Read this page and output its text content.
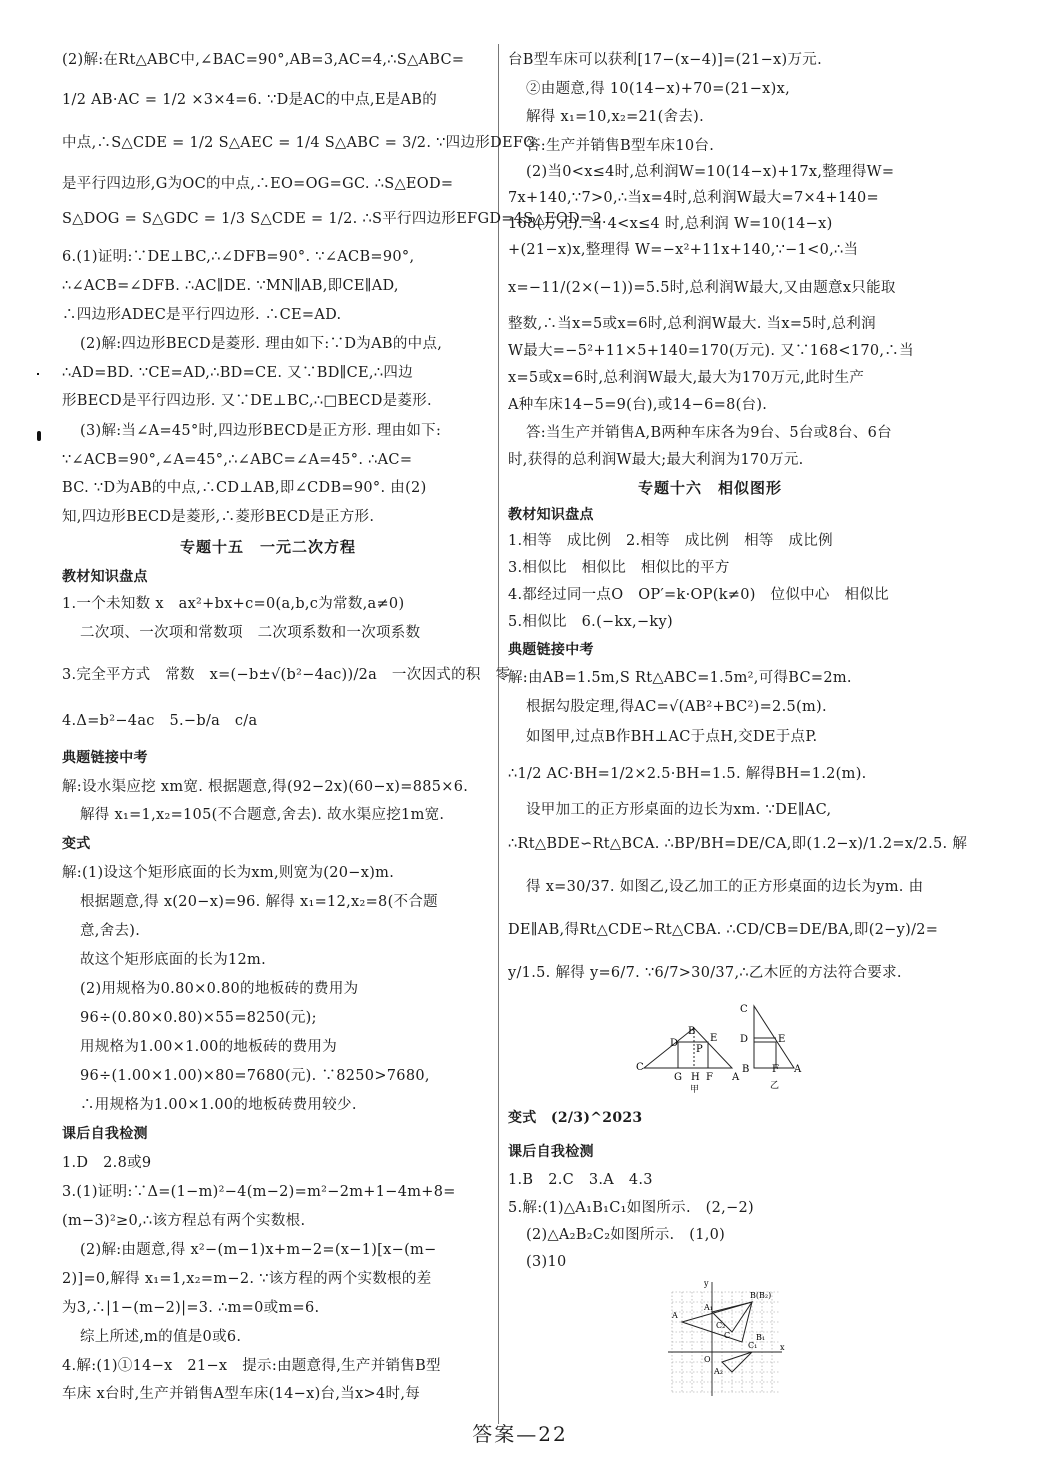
(2)解:在Rt△ABC中,∠BAC=90°,AB=3,AC=4,∴S△ABC=
1/2 AB·AC = 1/2 ×3×4=6. ∵D是AC的中点,E是AB的
中点,∴S△CDE = 1/2 S△AEC = 1/4 S△ABC = 3/2. ∵四边形DEFG
是平行四边形,G为OC的中点,∴EO=OG=GC. ∴S△EOD=
S△DOG = S△GDC = 1/3 S△CDE = 1/2. ∴S平行四边形EFGD=4S△EOD=2.
6.(1)证明:∵DE⊥BC,∴∠DFB=90°. ∵∠ACB=90°,
∴∠ACB=∠DFB. ∴AC∥DE. ∵MN∥AB,即CE∥AD,
∴四边形ADEC是平行四边形. ∴CE=AD.
(2)解:四边形BECD是菱形. 理由如下:∵D为AB的中点,
∴AD=BD. ∵CE=AD,∴BD=CE. 又∵BD∥CE,∴四边
形BECD是平行四边形. 又∵DE⊥BC,∴□BECD是菱形.
(3)解:当∠A=45°时,四边形BECD是正方形. 理由如下:
∵∠ACB=90°,∠A=45°,∴∠ABC=∠A=45°. ∴AC=
BC. ∵D为AB的中点,∴CD⊥AB,即∠CDB=90°. 由(2)
知,四边形BECD是菱形,∴菱形BECD是正方形.
专题十五　一元二次方程
教材知识盘点
1.一个未知数 x　ax²+bx+c=0(a,b,c为常数,a≠0)
二次项、一次项和常数项　二次项系数和一次项系数
3.完全平方式　常数　x=(−b±√(b²−4ac))/2a　一次因式的积　零
4.Δ=b²−4ac　5.−b/a　c/a
典题链接中考
解:设水渠应挖 xm宽. 根据题意,得(92−2x)(60−x)=885×6.
解得 x₁=1,x₂=105(不合题意,舍去). 故水渠应挖1m宽.
变式
解:(1)设这个矩形底面的长为xm,则宽为(20−x)m.
根据题意,得 x(20−x)=96. 解得 x₁=12,x₂=8(不合题
意,舍去).
故这个矩形底面的长为12m.
(2)用规格为0.80×0.80的地板砖的费用为
96÷(0.80×0.80)×55=8250(元);
用规格为1.00×1.00的地板砖的费用为
96÷(1.00×1.00)×80=7680(元). ∵8250>7680,
∴用规格为1.00×1.00的地板砖费用较少.
课后自我检测
1.D　2.8或9
3.(1)证明:∵Δ=(1−m)²−4(m−2)=m²−2m+1−4m+8=
(m−3)²≥0,∴该方程总有两个实数根.
(2)解:由题意,得 x²−(m−1)x+m−2=(x−1)[x−(m−
2)]=0,解得 x₁=1,x₂=m−2. ∵该方程的两个实数根的差
为3,∴|1−(m−2)|=3. ∴m=0或m=6.
综上所述,m的值是0或6.
4.解:(1)①14−x　21−x　提示:由题意得,生产并销售B型
车床 x台时,生产并销售A型车床(14−x)台,当x>4时,每
台B型车床可以获利[17−(x−4)]=(21−x)万元.
②由题意,得 10(14−x)+70=(21−x)x,
解得 x₁=10,x₂=21(舍去).
答:生产并销售B型车床10台.
(2)当0<x≤4时,总利润W=10(14−x)+17x,整理得W=
7x+140,∵7>0,∴当x=4时,总利润W最大=7×4+140=
168(万元). 当 4<x≤4 时,总利润 W=10(14−x)
+(21−x)x,整理得 W=−x²+11x+140,∵−1<0,∴当
x=−11/(2×(−1))=5.5时,总利润W最大,又由题意x只能取
整数,∴当x=5或x=6时,总利润W最大. 当x=5时,总利润
W最大=−5²+11×5+140=170(万元). 又∵168<170,∴当
x=5或x=6时,总利润W最大,最大为170万元,此时生产
A种车床14−5=9(台),或14−6=8(台).
答:当生产并销售A,B两种车床各为9台、5台或8台、6台
时,获得的总利润W最大;最大利润为170万元.
专题十六　相似图形
教材知识盘点
1.相等　成比例　2.相等　成比例　相等　成比例
3.相似比　相似比　相似比的平方
4.都经过同一点O　OP′=k·OP(k≠0)　位似中心　相似比
5.相似比　6.(−kx,−ky)
典题链接中考
解:由AB=1.5m,S Rt△ABC=1.5m²,可得BC=2m.
根据勾股定理,得AC=√(AB²+BC²)=2.5(m).
如图甲,过点B作BH⊥AC于点H,交DE于点P.
∴1/2 AC·BH=1/2×2.5·BH=1.5. 解得BH=1.2(m).
设甲加工的正方形桌面的边长为xm. ∵DE∥AC,
∴Rt△BDE∽Rt△BCA. ∴BP/BH=DE/CA,即(1.2−x)/1.2=x/2.5. 解
得 x=30/37. 如图乙,设乙加工的正方形桌面的边长为ym. 由
DE∥AB,得Rt△CDE∽Rt△CBA. ∴CD/CB=DE/BA,即(2−y)/2=
y/1.5. 解得 y=6/7. ∵6/7>30/37,∴乙木匠的方法符合要求.
B
E
D
P
C
G H F A
甲
C
E
D
B F A
乙
变式　(2/3)^2023
课后自我检测
1.B　2.C　3.A　4.3
5.解:(1)△A₁B₁C₁如图所示.　(2,−2)
(2)△A₂B₂C₂如图所示.　(1,0)
(3)10
y
B(B₂)
A
A₁
C₂
C
O
x
B₁
C₁
A₂
答案—22
